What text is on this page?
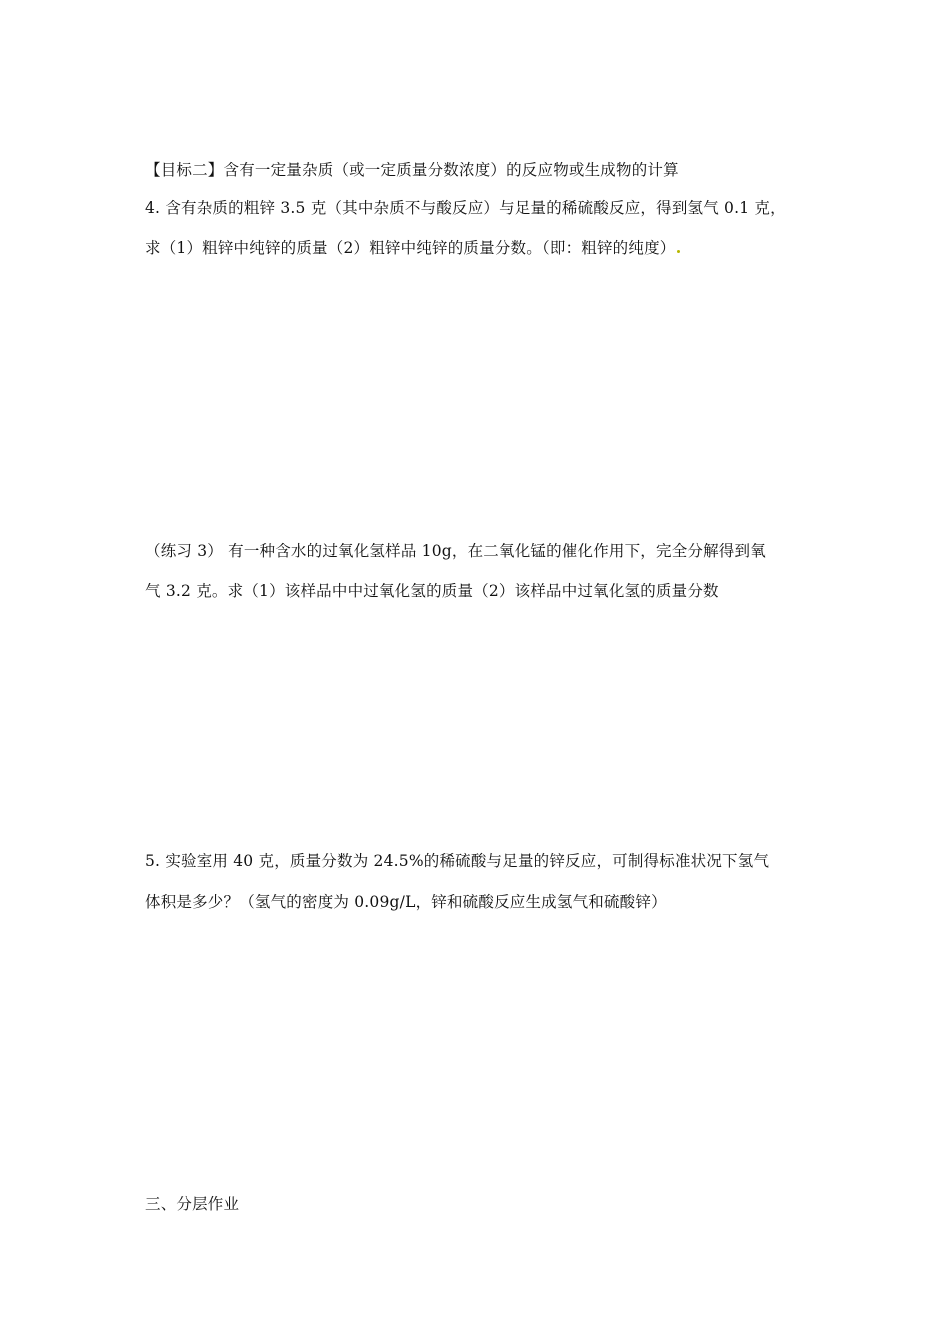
【目标二】含有一定量杂质（或一定质量分数浓度）的反应物或生成物的计算
4. 含有杂质的粗锌 3.5 克（其中杂质不与酸反应）与足量的稀硫酸反应，得到氢气 0.1 克，
求（1）粗锌中纯锌的质量（2）粗锌中纯锌的质量分数。（即：粗锌的纯度）
（练习 3） 有一种含水的过氧化氢样品 10g，在二氧化锰的催化作用下，完全分解得到氧
气 3.2 克。求（1）该样品中中过氧化氢的质量（2）该样品中过氧化氢的质量分数
5. 实验室用 40 克，质量分数为 24.5%的稀硫酸与足量的锌反应，可制得标准状况下氢气
体积是多少？（氢气的密度为 0.09g/L，锌和硫酸反应生成氢气和硫酸锌）
三、分层作业
